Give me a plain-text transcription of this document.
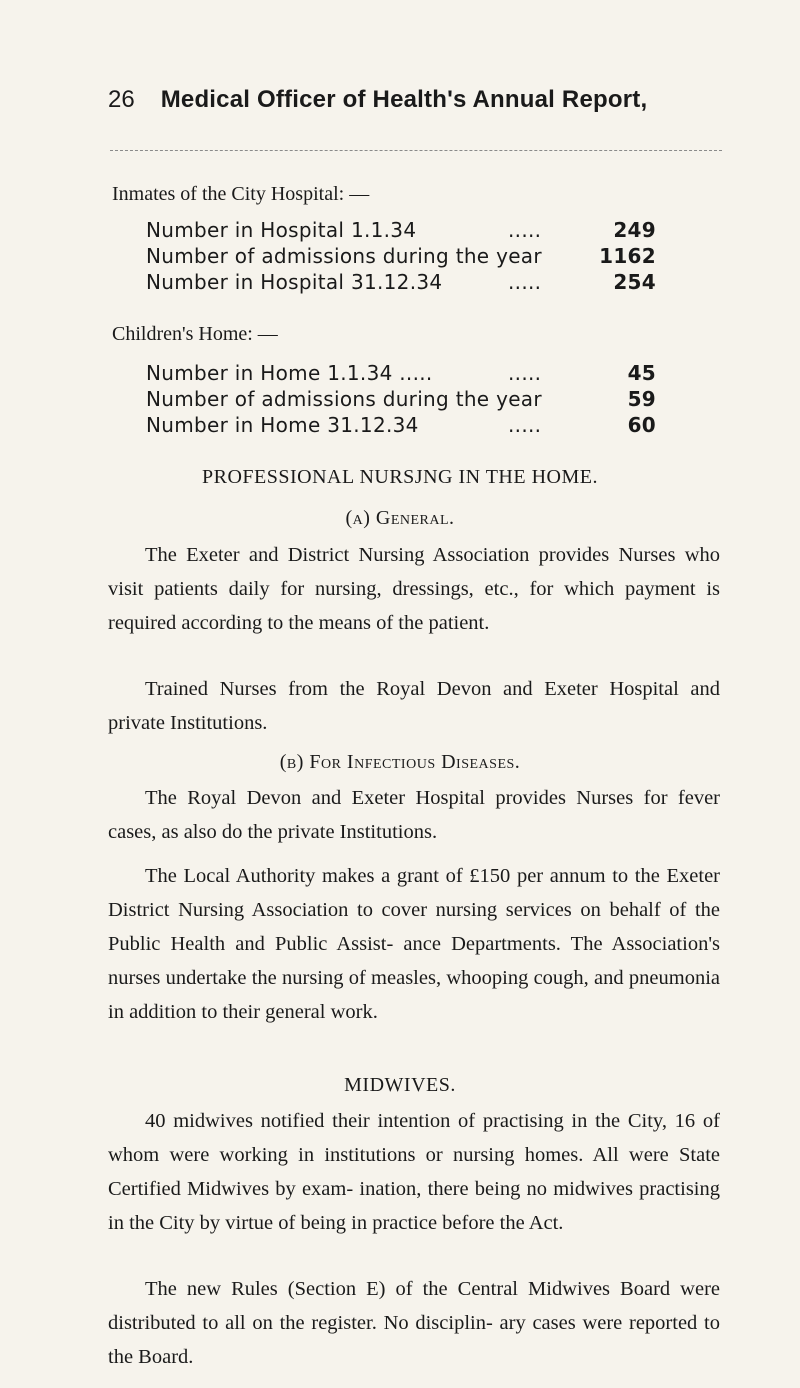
26 Medical Officer of Health's Annual Report,
Inmates of the City Hospital: —
Number in Hospital 1.1.34	.....	249
Number of admissions during the year	1162
Number in Hospital 31.12.34	.....	254
Children's Home: —
Number in Home 1.1.34 .....	.....	45
Number of admissions during the year	59
Number in Home 31.12.34	.....	60
PROFESSIONAL NURSJNG IN THE HOME.
(a) General.

The Exeter and District Nursing Association provides Nurses who visit patients daily for nursing, dressings, etc., for which payment is required according to the means of the patient.

Trained Nurses from the Royal Devon and Exeter Hospital and private Institutions.

(b) For Infectious Diseases.

The Royal Devon and Exeter Hospital provides Nurses for fever cases, as also do the private Institutions.

The Local Authority makes a grant of £150 per annum to the Exeter District Nursing Association to cover nursing services on behalf of the Public Health and Public Assist- ance Departments. The Association's nurses undertake the nursing of measles, whooping cough, and pneumonia in addition to their general work.

MIDWIVES.

40 midwives notified their intention of practising in the City, 16 of whom were working in institutions or nursing homes. All were State Certified Midwives by exam- ination, there being no midwives practising in the City by virtue of being in practice before the Act.

The new Rules (Section E) of the Central Midwives Board were distributed to all on the register. No disciplin- ary cases were reported to the Board.
